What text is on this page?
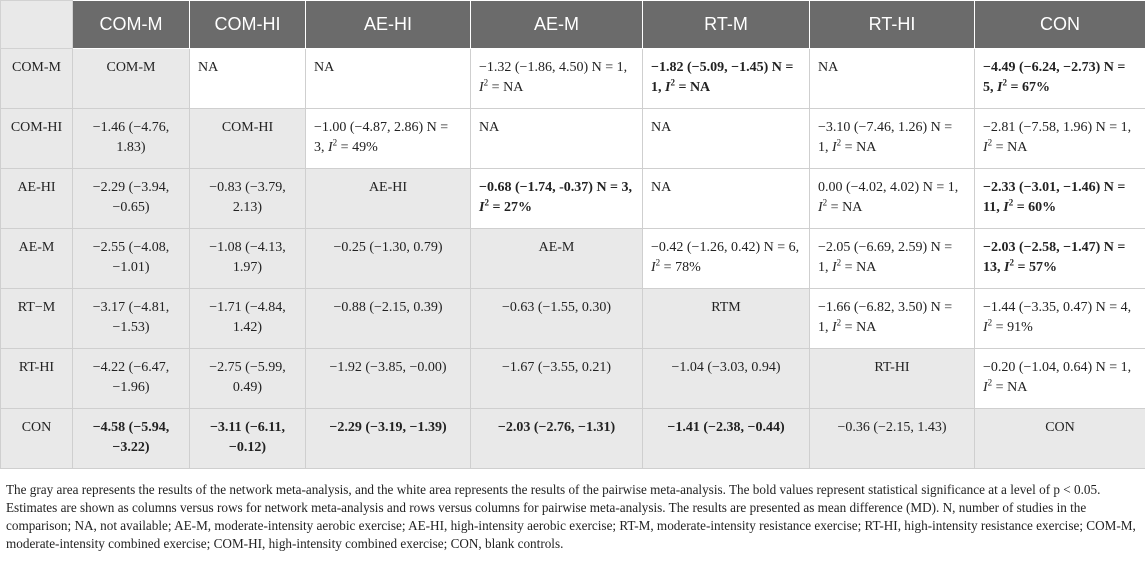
	COM-M	COM-HI	AE-HI	AE-M	RT-M	RT-HI	CON
COM-M	COM-M	NA	NA	−1.32 (−1.86, 4.50) N = 1, $I^2$ = NA	−1.82 (−5.09, −1.45) N = 1, $I^2$ = NA	NA	−4.49 (−6.24, −2.73) N = 5, $I^2 = 67\%$
COM-HI	−1.46 (−4.76, 1.83)	COM-HI	−1.00 (−4.87, 2.86) N = 3, $I^2 = 49\%$	NA	NA	−3.10 (−7.46, 1.26) N = 1, $I^2$ = NA	−2.81 (−7.58, 1.96) N = 1, $I^2$ = NA
AE-HI	−2.29 (−3.94, −0.65)	−0.83 (−3.79, 2.13)	AE-HI	−0.68 (−1.74, -0.37) N = 3, $I^2 = 27\%$	NA	0.00 (−4.02, 4.02) N = 1, $I^2$ = NA	−2.33 (−3.01, −1.46) N = 11, $I^2 = 60\%$
AE-M	−2.55 (−4.08, −1.01)	−1.08 (−4.13, 1.97)	−0.25 (−1.30, 0.79)	AE-M	−0.42 (−1.26, 0.42) N = 6, $I^2 = 78\%$	−2.05 (−6.69, 2.59) N = 1, $I^2$ = NA	−2.03 (−2.58, −1.47) N = 13, $I^2 = 57\%$
RT−M	−3.17 (−4.81, −1.53)	−1.71 (−4.84, 1.42)	−0.88 (−2.15, 0.39)	−0.63 (−1.55, 0.30)	RTM	−1.66 (−6.82, 3.50) N = 1, $I^2$ = NA	−1.44 (−3.35, 0.47) N = 4, $I^2 = 91\%$
RT-HI	−4.22 (−6.47, −1.96)	−2.75 (−5.99, 0.49)	−1.92 (−3.85, −0.00)	−1.67 (−3.55, 0.21)	−1.04 (−3.03, 0.94)	RT-HI	−0.20 (−1.04, 0.64) N = 1, $I^2$ = NA
CON	−4.58 (−5.94, −3.22)	−3.11 (−6.11, −0.12)	−2.29 (−3.19, −1.39)	−2.03 (−2.76, −1.31)	−1.41 (−2.38, −0.44)	−0.36 (−2.15, 1.43)	CON
The gray area represents the results of the network meta-analysis, and the white area represents the results of the pairwise meta-analysis. The bold values represent statistical significance at a level of p < 0.05. Estimates are shown as columns versus rows for network meta-analysis and rows versus columns for pairwise meta-analysis. The results are presented as mean difference (MD). N, number of studies in the comparison; NA, not available; AE-M, moderate-intensity aerobic exercise; AE-HI, high-intensity aerobic exercise; RT-M, moderate-intensity resistance exercise; RT-HI, high-intensity resistance exercise; COM-M, moderate-intensity combined exercise; COM-HI, high-intensity combined exercise; CON, blank controls.
